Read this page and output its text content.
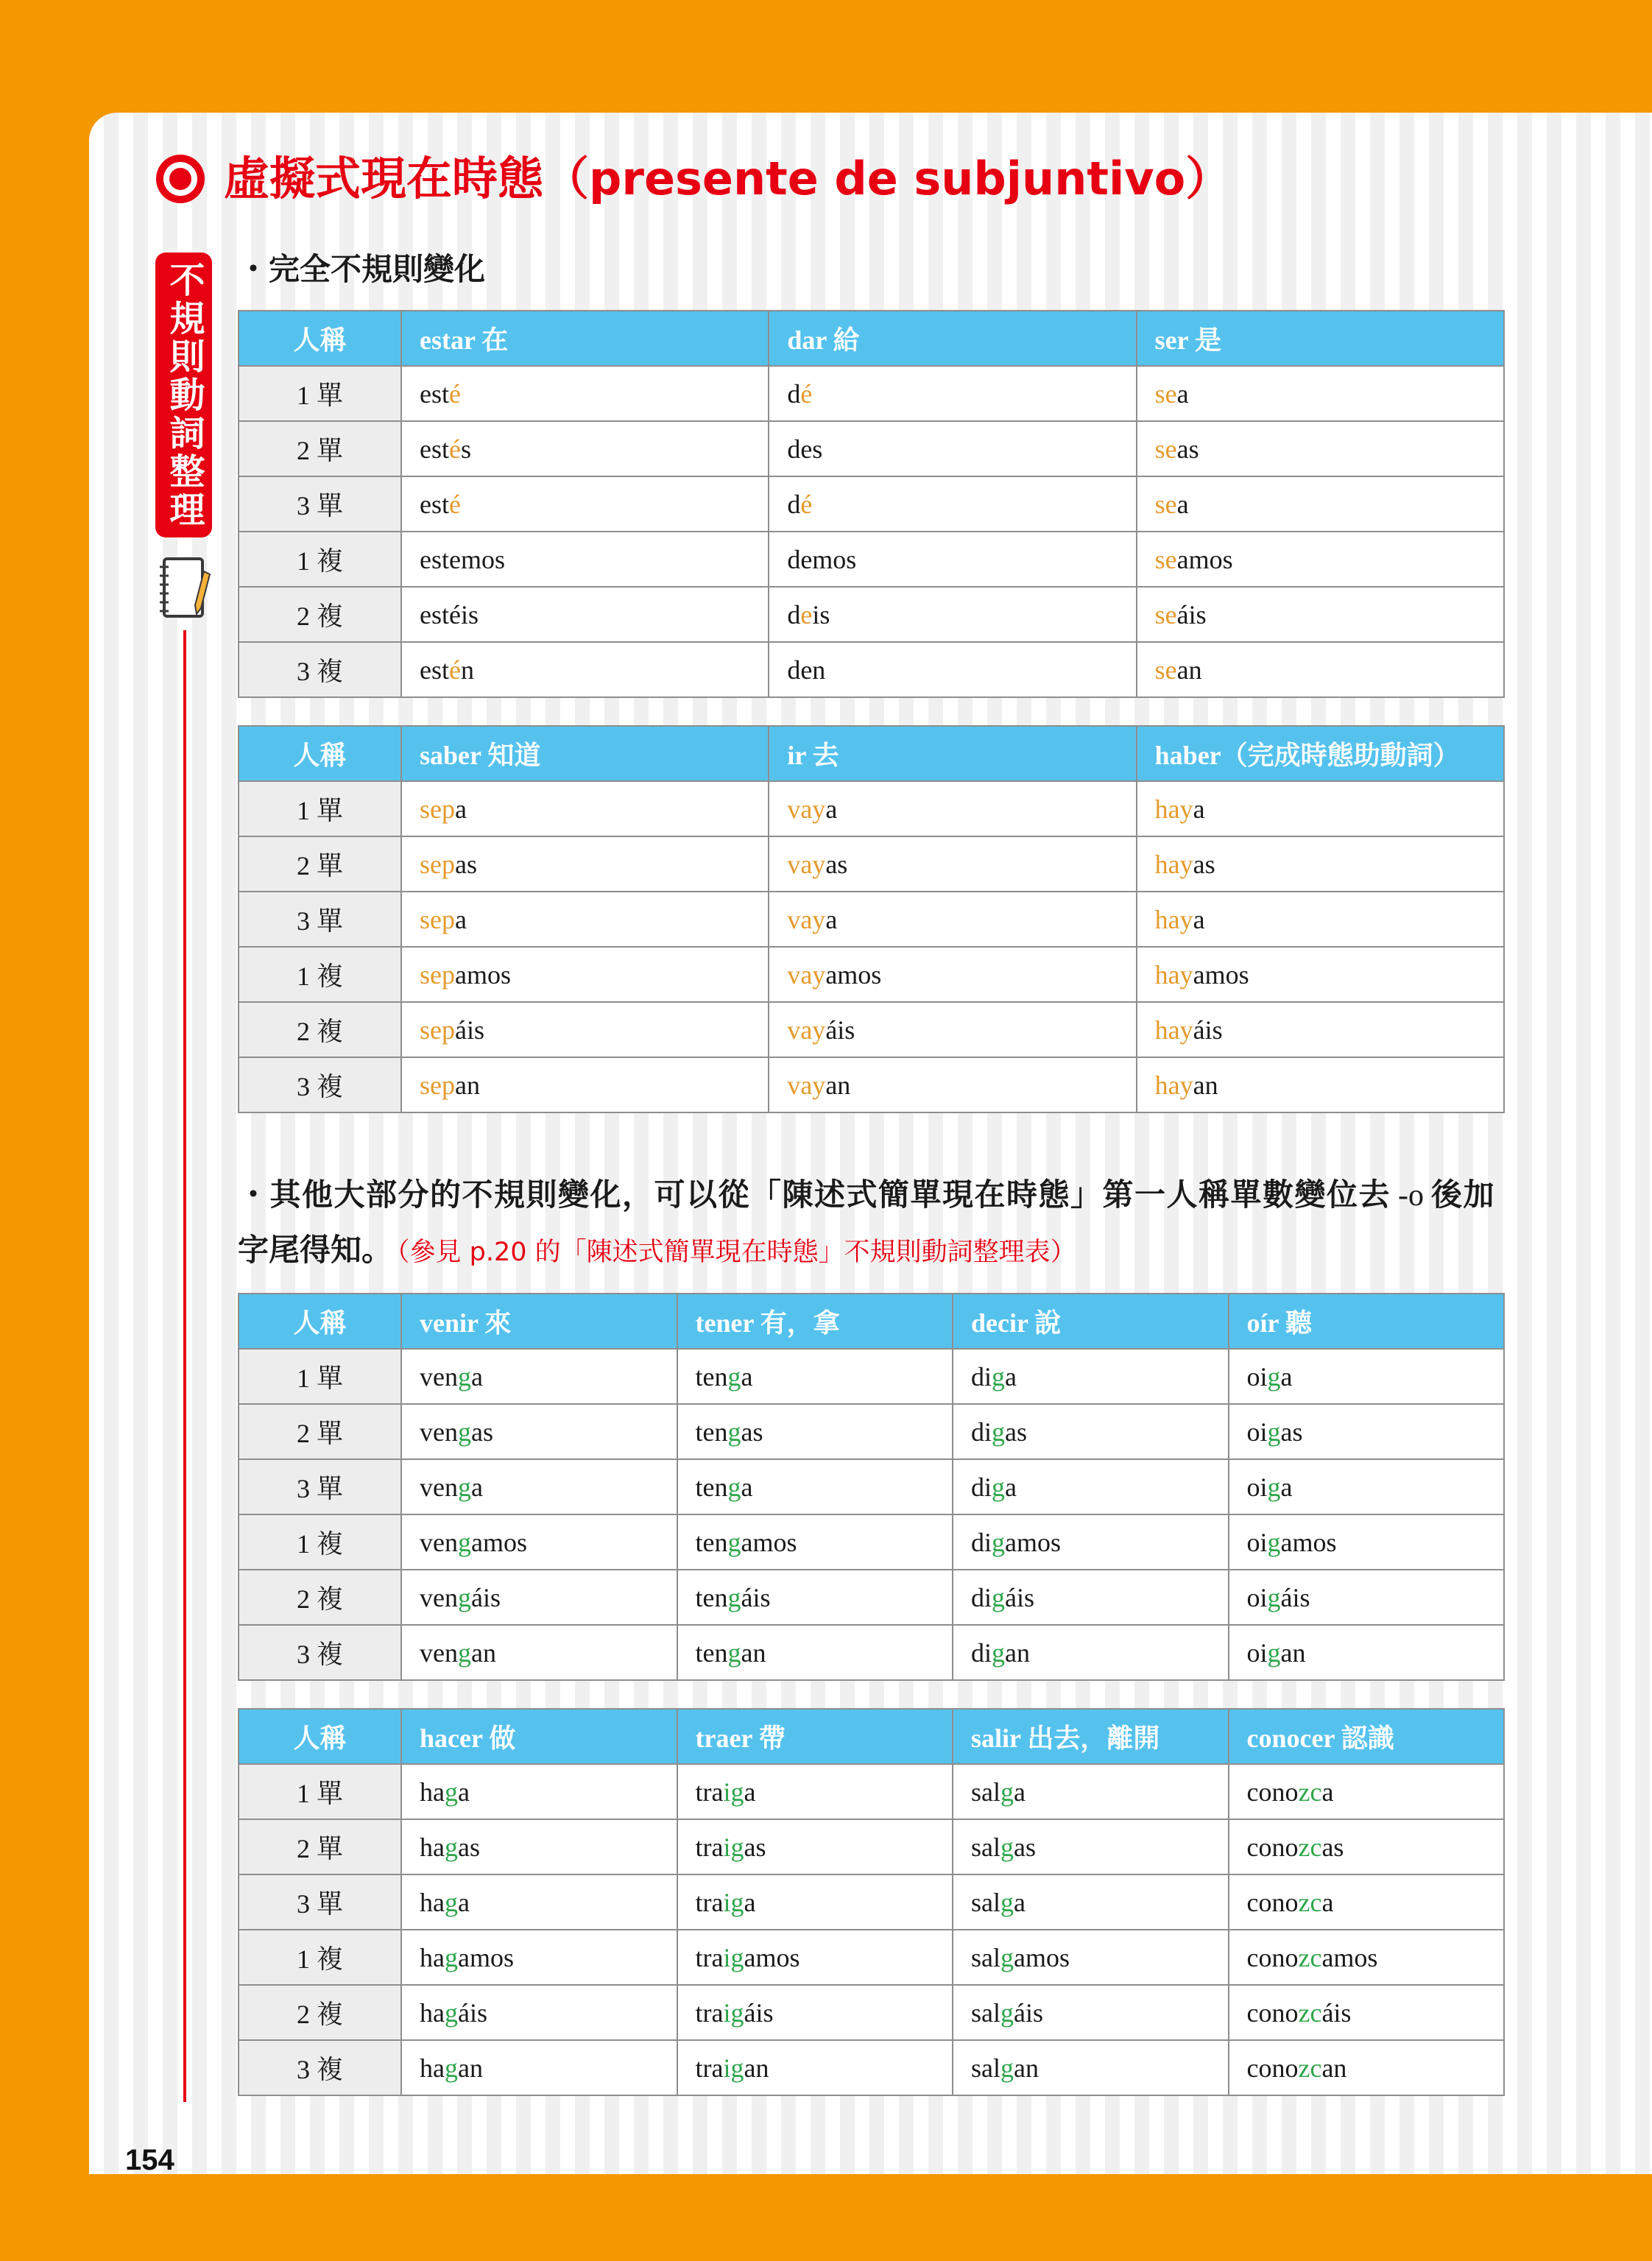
虛擬式現在時態（presente de subjuntivo）
不規則動詞整理 ・完全不規則變化
・其他大部分的不規則變化，可以從「陳述式簡單現在時態」第一人稱單數變位去 -o 後加
字尾得知。 （參見 p.20 的「陳述式簡單現在時態」不規則動詞整理表）
154
人稱	estar 在	dar 給	ser 是
1 單	esté	dé	sea
2 單	estés	des	seas
3 單	esté	dé	sea
1 複	estemos	demos	seamos
2 複	estéis	deis	seáis
3 複	estén	den	sean
人稱	saber 知道	ir 去	haber（完成時態助動詞）
1 單	sepa	vaya	haya
2 單	sepas	vayas	hayas
3 單	sepa	vaya	haya
1 複	sepamos	vayamos	hayamos
2 複	sepáis	vayáis	hayáis
3 複	sepan	vayan	hayan
人稱	venir 來	tener 有，拿	decir 說	oír 聽
1 單	venga	tenga	diga	oiga
2 單	vengas	tengas	digas	oigas
3 單	venga	tenga	diga	oiga
1 複	vengamos	tengamos	digamos	oigamos
2 複	vengáis	tengáis	digáis	oigáis
3 複	vengan	tengan	digan	oigan
人稱	hacer 做	traer 帶	salir 出去，離開	conocer 認識
1 單	haga	traiga	salga	conozca
2 單	hagas	traigas	salgas	conozcas
3 單	haga	traiga	salga	conozca
1 複	hagamos	traigamos	salgamos	conozcamos
2 複	hagáis	traigáis	salgáis	conozcáis
3 複	hagan	traigan	salgan	conozcan
